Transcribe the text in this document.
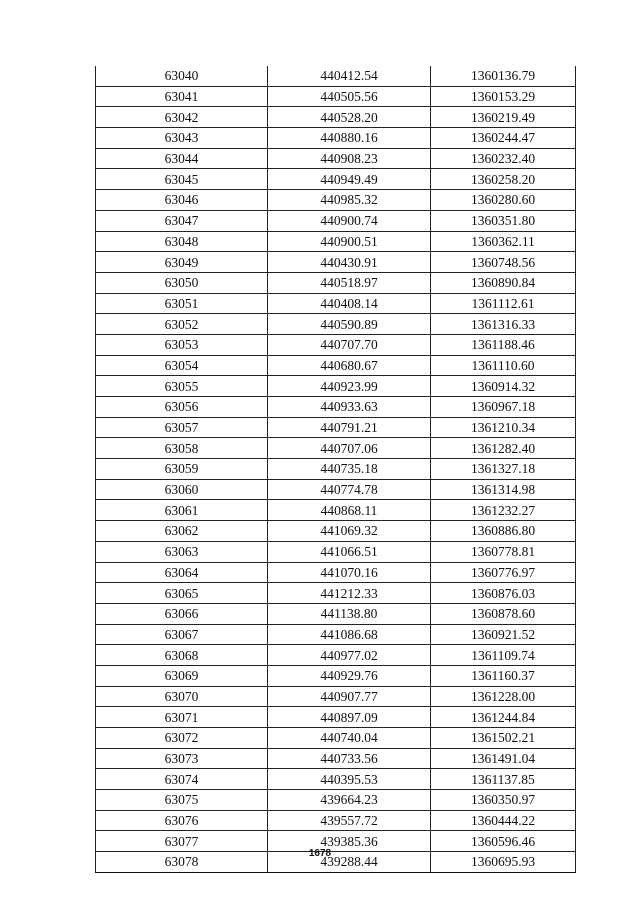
63040	440412.54	1360136.79
63041	440505.56	1360153.29
63042	440528.20	1360219.49
63043	440880.16	1360244.47
63044	440908.23	1360232.40
63045	440949.49	1360258.20
63046	440985.32	1360280.60
63047	440900.74	1360351.80
63048	440900.51	1360362.11
63049	440430.91	1360748.56
63050	440518.97	1360890.84
63051	440408.14	1361112.61
63052	440590.89	1361316.33
63053	440707.70	1361188.46
63054	440680.67	1361110.60
63055	440923.99	1360914.32
63056	440933.63	1360967.18
63057	440791.21	1361210.34
63058	440707.06	1361282.40
63059	440735.18	1361327.18
63060	440774.78	1361314.98
63061	440868.11	1361232.27
63062	441069.32	1360886.80
63063	441066.51	1360778.81
63064	441070.16	1360776.97
63065	441212.33	1360876.03
63066	441138.80	1360878.60
63067	441086.68	1360921.52
63068	440977.02	1361109.74
63069	440929.76	1361160.37
63070	440907.77	1361228.00
63071	440897.09	1361244.84
63072	440740.04	1361502.21
63073	440733.56	1361491.04
63074	440395.53	1361137.85
63075	439664.23	1360350.97
63076	439557.72	1360444.22
63077	439385.36	1360596.46
63078	439288.44	1360695.93
1678
